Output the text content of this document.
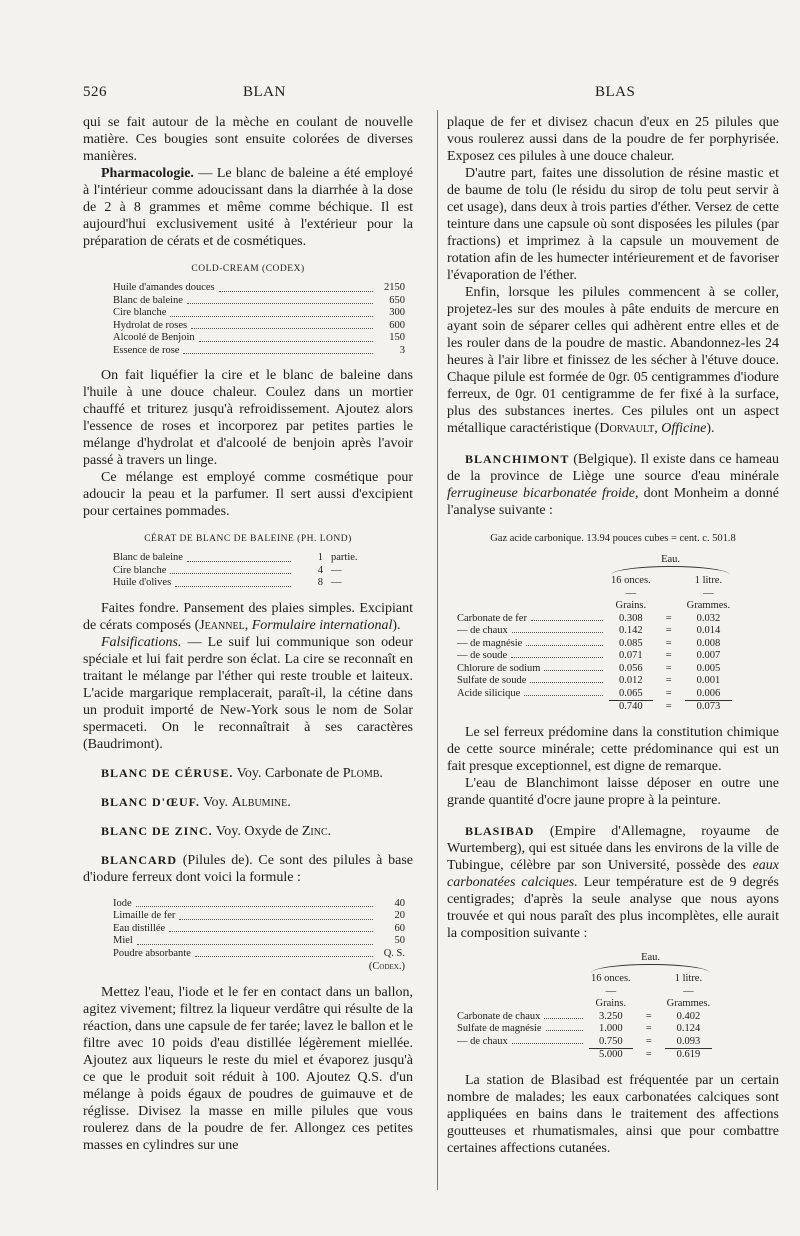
526	BLAN	BLAS

qui se fait autour de la mèche en coulant de nouvelle matière. Ces bougies sont ensuite colorées de diverses manières.

Pharmacologie. — Le blanc de baleine a été employé à l'intérieur comme adoucissant dans la diarrhée à la dose de 2 à 8 grammes et même comme béchique. Il est aujourd'hui exclusivement usité à l'extérieur pour la préparation de cérats et de cosmétiques.

COLD-CREAM (CODEX)
Huile d'amandes douces	2150
Blanc de baleine	650
Cire blanche	300
Hydrolat de roses	600
Alcoolé de Benjoin	150
Essence de rose	3

On fait liquéfier la cire et le blanc de baleine dans l'huile à une douce chaleur. Coulez dans un mortier chauffé et triturez jusqu'à refroidissement. Ajoutez alors l'essence de roses et incorporez par petites parties le mélange d'hydrolat et d'alcoolé de benjoin après l'avoir passé à travers un linge.

Ce mélange est employé comme cosmétique pour adoucir la peau et la parfumer. Il sert aussi d'excipient pour certaines pommades.

CÉRAT DE BLANC DE BALEINE (PH. LOND)
Blanc de baleine	1 partie.
Cire blanche	4 —
Huile d'olives	8 —

Faites fondre. Pansement des plaies simples. Excipiant de cérats composés (Jeannel, Formulaire international).

Falsifications. — Le suif lui communique son odeur spéciale et lui fait perdre son éclat. La cire se reconnaît en traitant le mélange par l'éther qui reste trouble et laiteux. L'acide margarique remplacerait, paraît-il, la cétine dans un produit importé de New-York sous le nom de Solar spermaceti. On le reconnaîtrait à ses caractères (Baudrimont).

BLANC DE CÉRUSE. Voy. Carbonate de Plomb.

BLANC D'ŒUF. Voy. Albumine.

BLANC DE ZINC. Voy. Oxyde de Zinc.

BLANCARD (Pilules de). Ce sont des pilules à base d'iodure ferreux dont voici la formule :

Iode	40
Limaille de fer	20
Eau distillée	60
Miel	50
Poudre absorbante	Q. S.
(Codex.)

Mettez l'eau, l'iode et le fer en contact dans un ballon, agitez vivement; filtrez la liqueur verdâtre qui résulte de la réaction, dans une capsule de fer tarée; lavez le ballon et le filtre avec 10 poids d'eau distillée légèrement miellée. Ajoutez aux liqueurs le reste du miel et évaporez jusqu'à ce que le produit soit réduit à 100. Ajoutez Q.S. d'un mélange à poids égaux de poudres de guimauve et de réglisse. Divisez la masse en mille pilules que vous roulerez dans de la poudre de fer. Allongez ces petites masses en cylindres sur une

plaque de fer et divisez chacun d'eux en 25 pilules que vous roulerez aussi dans de la poudre de fer porphyrisée. Exposez ces pilules à une douce chaleur.

D'autre part, faites une dissolution de résine mastic et de baume de tolu (le résidu du sirop de tolu peut servir à cet usage), dans deux à trois parties d'éther. Versez de cette teinture dans une capsule où sont disposées les pilules (par fractions) et imprimez à la capsule un mouvement de rotation afin de les humecter intérieurement et de favoriser l'évaporation de l'éther.

Enfin, lorsque les pilules commencent à se coller, projetez-les sur des moules à pâte enduits de mercure en ayant soin de séparer celles qui adhèrent entre elles et de les rouler dans de la poudre de mastic. Abandonnez-les 24 heures à l'air libre et finissez de les sécher à l'étuve douce. Chaque pilule est formée de 0gr. 05 centigrammes d'iodure ferreux, de 0gr. 01 centigramme de fer fixé à la surface, plus des substances inertes. Ces pilules ont un aspect métallique caractéristique (Dorvault, Officine).

BLANCHIMONT (Belgique). Il existe dans ce hameau de la province de Liège une source d'eau minérale ferrugineuse bicarbonatée froide, dont Monheim a donné l'analyse suivante :

Gaz acide carbonique. 13.94 pouces cubes = cent. c. 501.8
	Eau.		

	16 onces.		1 litre.
	—		—
	Grains.		Grammes.

Carbonate de fer	0.308	=	0.032

— de chaux	0.142	=	0.014

— de magnésie	0.085	=	0.008

— de soude	0.071	=	0.007

Chlorure de sodium	0.056	=	0.005

Sulfate de soude	0.012	=	0.001

Acide silicique	0.065	=	0.006
	0.740	=	0.073

Le sel ferreux prédomine dans la constitution chimique de cette source minérale; cette prédominance qui est un fait presque exceptionnel, est digne de remarque.

L'eau de Blanchimont laisse déposer en outre une grande quantité d'ocre jaune propre à la peinture.

BLASIBAD (Empire d'Allemagne, royaume de Wurtemberg), qui est située dans les environs de la ville de Tubingue, célèbre par son Université, possède des eaux carbonatées calciques. Leur température est de 9 degrés centigrades; d'après la seule analyse que nous ayons trouvée et qui nous paraît des plus incomplètes, elle aurait la composition suivante :

	Eau.		

	16 onces.		1 litre.
	—		—
	Grains.		Grammes.

Carbonate de chaux	3.250	=	0.402

Sulfate de magnésie	1.000	=	0.124

— de chaux	0.750	=	0.093
	5.000	=	0.619

La station de Blasibad est fréquentée par un certain nombre de malades; les eaux carbonatées calciques sont appliquées en bains dans le traitement des affections goutteuses et rhumatismales, ainsi que pour combattre certaines affections cutanées.
